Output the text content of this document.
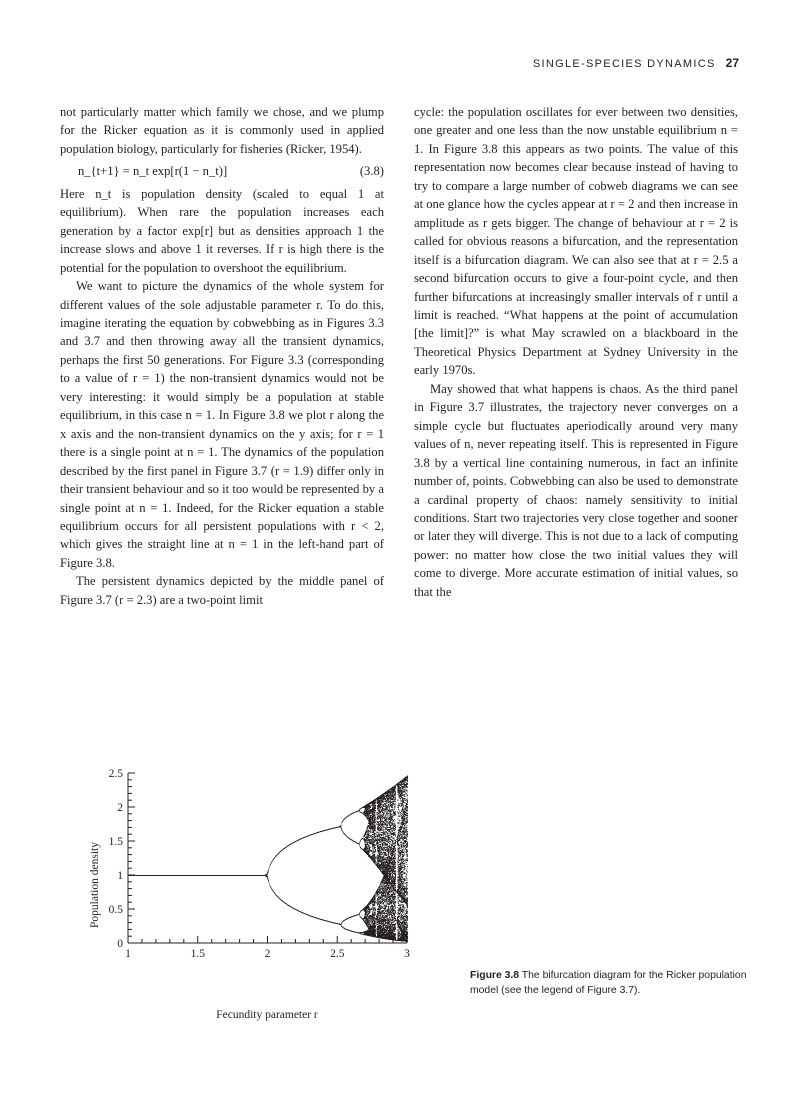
SINGLE-SPECIES DYNAMICS 27

not particularly matter which family we chose, and we plump for the Ricker equation as it is commonly used in applied population biology, particularly for fisheries (Ricker, 1954).

n_{t+1} = n_t exp[r(1 − n_t)]	(3.8)

Here n_t is population density (scaled to equal 1 at equilibrium). When rare the population increases each generation by a factor exp[r] but as densities approach 1 the increase slows and above 1 it reverses. If r is high there is the potential for the population to overshoot the equilibrium.

We want to picture the dynamics of the whole system for different values of the sole adjustable parameter r. To do this, imagine iterating the equation by cobwebbing as in Figures 3.3 and 3.7 and then throwing away all the transient dynamics, perhaps the first 50 generations. For Figure 3.3 (corresponding to a value of r = 1) the non-transient dynamics would not be very interesting: it would simply be a population at stable equilibrium, in this case n = 1. In Figure 3.8 we plot r along the x axis and the non-transient dynamics on the y axis; for r = 1 there is a single point at n = 1. The dynamics of the population described by the first panel in Figure 3.7 (r = 1.9) differ only in their transient behaviour and so it too would be represented by a single point at n = 1. Indeed, for the Ricker equation a stable equilibrium occurs for all persistent populations with r < 2, which gives the straight line at n = 1 in the left-hand part of Figure 3.8.

The persistent dynamics depicted by the middle panel of Figure 3.7 (r = 2.3) are a two-point limit

cycle: the population oscillates for ever between two densities, one greater and one less than the now unstable equilibrium n = 1. In Figure 3.8 this appears as two points. The value of this representation now becomes clear because instead of having to try to compare a large number of cobweb diagrams we can see at one glance how the cycles appear at r = 2 and then increase in amplitude as r gets bigger. The change of behaviour at r = 2 is called for obvious reasons a bifurcation, and the representation itself is a bifurcation diagram. We can also see that at r = 2.5 a second bifurcation occurs to give a four-point cycle, and then further bifurcations at increasingly smaller intervals of r until a limit is reached. “What happens at the point of accumulation [the limit]?” is what May scrawled on a blackboard in the Theoretical Physics Department at Sydney University in the early 1970s.

May showed that what happens is chaos. As the third panel in Figure 3.7 illustrates, the trajectory never converges on a simple cycle but fluctuates aperiodically around very many values of n, never repeating itself. This is represented in Figure 3.8 by a vertical line containing numerous, in fact an infinite number of, points. Cobwebbing can also be used to demonstrate a cardinal property of chaos: namely sensitivity to initial conditions. Start two trajectories very close together and sooner or later they will diverge. This is not due to a lack of computing power: no matter how close the two initial values they will come to diverge. More accurate estimation of initial values, so that the

1	1.5	2	2.5	3
0
0.5
1
1.5
2
2.5
Fecundity parameter r
Population density
Figure 3.8 The bifurcation diagram for the Ricker population model (see the legend of Figure 3.7).
